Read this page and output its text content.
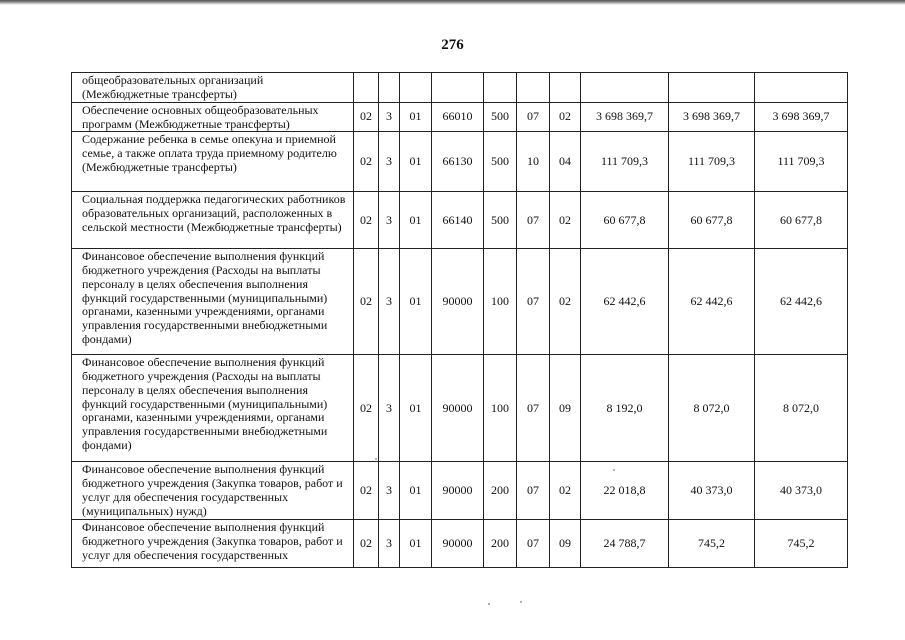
276
общеобразовательных организаций (Межбюджетные трансферты)										
Обеспечение основных общеобразовательных программ (Межбюджетные трансферты)	02	3	01	66010	500	07	02	3 698 369,7	3 698 369,7	3 698 369,7
Содержание ребенка в семье опекуна и приемной семье, а также оплата труда приемному родителю (Межбюджетные трансферты)	02	3	01	66130	500	10	04	111 709,3	111 709,3	111 709,3
Социальная поддержка педагогических работников образовательных организаций, расположенных в сельской местности (Межбюджетные трансферты)	02	3	01	66140	500	07	02	60 677,8	60 677,8	60 677,8
Финансовое обеспечение выполнения функций бюджетного учреждения (Расходы на выплаты персоналу в целях обеспечения выполнения функций государственными (муниципальными) органами, казенными учреждениями, органами управления государственными внебюджетными фондами)	02	3	01	90000	100	07	02	62 442,6	62 442,6	62 442,6
Финансовое обеспечение выполнения функций бюджетного учреждения (Расходы на выплаты персоналу в целях обеспечения выполнения функций государственными (муниципальными) органами, казенными учреждениями, органами управления государственными внебюджетными фондами)	02	3	01	90000	100	07	09	8 192,0	8 072,0	8 072,0
Финансовое обеспечение выполнения функций бюджетного учреждения (Закупка товаров, работ и услуг для обеспечения государственных (муниципальных) нужд)	02	3	01	90000	200	07	02	22 018,8	40 373,0	40 373,0
Финансовое обеспечение выполнения функций бюджетного учреждения (Закупка товаров, работ и услуг для обеспечения государственных	02	3	01	90000	200	07	09	24 788,7	745,2	745,2
